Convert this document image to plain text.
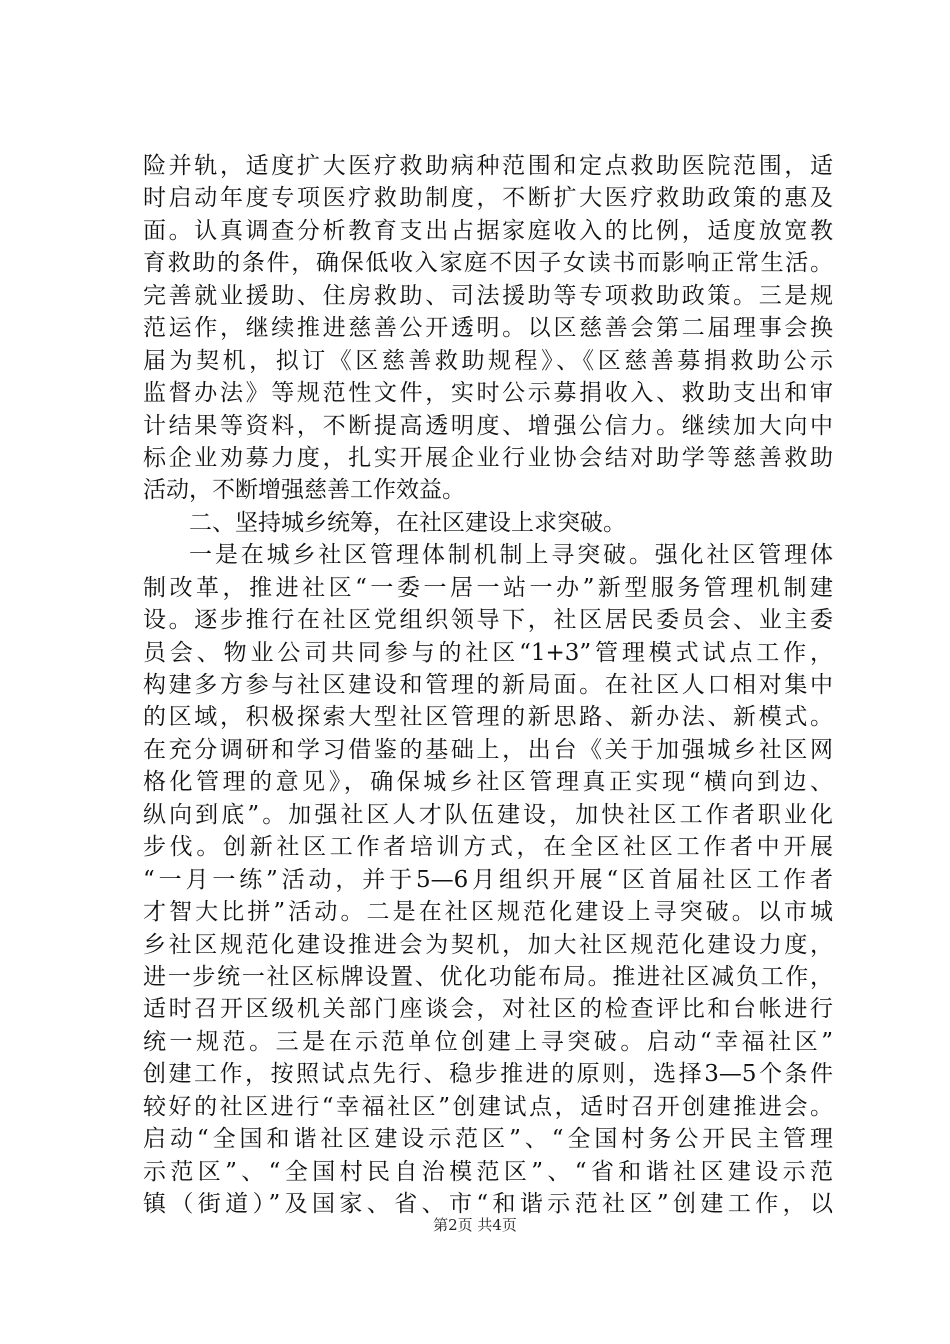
险并轨，适度扩大医疗救助病种范围和定点救助医院范围，适
时启动年度专项医疗救助制度，不断扩大医疗救助政策的惠及
面。认真调查分析教育支出占据家庭收入的比例，适度放宽教
育救助的条件，确保低收入家庭不因子女读书而影响正常生活。
完善就业援助、住房救助、司法援助等专项救助政策。三是规
范运作，继续推进慈善公开透明。以区慈善会第二届理事会换
届为契机，拟订《区慈善救助规程》、《区慈善募捐救助公示
监督办法》等规范性文件，实时公示募捐收入、救助支出和审
计结果等资料，不断提高透明度、增强公信力。继续加大向中
标企业劝募力度，扎实开展企业行业协会结对助学等慈善救助
活动，不断增强慈善工作效益。
二、坚持城乡统筹，在社区建设上求突破。
一是在城乡社区管理体制机制上寻突破。强化社区管理体
制改革，推进社区“一委一居一站一办”新型服务管理机制建
设。逐步推行在社区党组织领导下，社区居民委员会、业主委
员会、物业公司共同参与的社区“1+3”管理模式试点工作，
构建多方参与社区建设和管理的新局面。在社区人口相对集中
的区域，积极探索大型社区管理的新思路、新办法、新模式。
在充分调研和学习借鉴的基础上，出台《关于加强城乡社区网
格化管理的意见》，确保城乡社区管理真正实现“横向到边、
纵向到底”。加强社区人才队伍建设，加快社区工作者职业化
步伐。创新社区工作者培训方式，在全区社区工作者中开展
“一月一练”活动，并于5—6月组织开展“区首届社区工作者
才智大比拼”活动。二是在社区规范化建设上寻突破。以市城
乡社区规范化建设推进会为契机，加大社区规范化建设力度，
进一步统一社区标牌设置、优化功能布局。推进社区减负工作，
适时召开区级机关部门座谈会，对社区的检查评比和台帐进行
统一规范。三是在示范单位创建上寻突破。启动“幸福社区”
创建工作，按照试点先行、稳步推进的原则，选择3—5个条件
较好的社区进行“幸福社区”创建试点，适时召开创建推进会。
启动“全国和谐社区建设示范区”、“全国村务公开民主管理
示范区”、“全国村民自治模范区”、“省和谐社区建设示范
镇（街道）”及国家、省、市“和谐示范社区”创建工作，以
第2页 共4页
